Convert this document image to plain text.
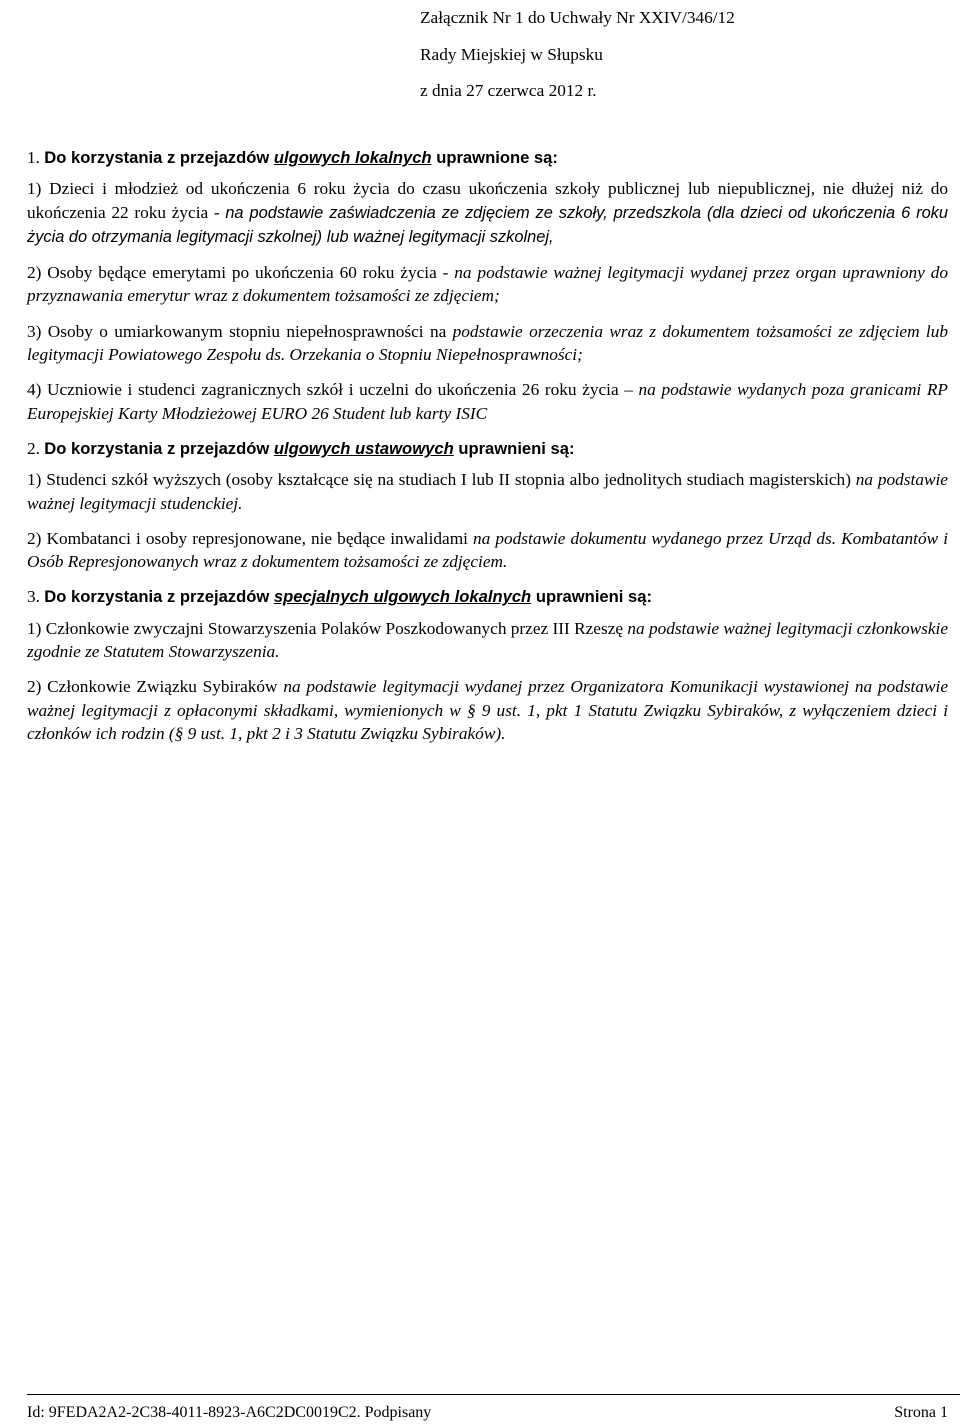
Załącznik Nr 1 do Uchwały Nr XXIV/346/12
Rady Miejskiej w Słupsku
z dnia 27 czerwca 2012 r.
1. Do korzystania z przejazdów ulgowych lokalnych uprawnione są:
1) Dzieci i młodzież od ukończenia 6 roku życia do czasu ukończenia szkoły publicznej lub niepublicznej, nie dłużej niż do ukończenia 22 roku życia - na podstawie zaświadczenia ze zdjęciem ze szkoły, przedszkola (dla dzieci od ukończenia 6 roku życia do otrzymania legitymacji szkolnej) lub ważnej legitymacji szkolnej,
2) Osoby będące emerytami po ukończenia 60 roku życia - na podstawie ważnej legitymacji wydanej przez organ uprawniony do przyznawania emerytur wraz z dokumentem tożsamości ze zdjęciem;
3) Osoby o umiarkowanym stopniu niepełnosprawności na podstawie orzeczenia wraz z dokumentem tożsamości ze zdjęciem lub legitymacji Powiatowego Zespołu ds. Orzekania o Stopniu Niepełnosprawności;
4) Uczniowie i studenci zagranicznych szkół i uczelni do ukończenia 26 roku życia – na podstawie wydanych poza granicami RP Europejskiej Karty Młodzieżowej EURO 26 Student lub karty ISIC
2. Do korzystania z przejazdów ulgowych ustawowych uprawnieni są:
1) Studenci szkół wyższych (osoby kształcące się na studiach I lub II stopnia albo jednolitych studiach magisterskich) na podstawie ważnej legitymacji studenckiej.
2) Kombatanci i osoby represjonowane, nie będące inwalidami na podstawie dokumentu wydanego przez Urząd ds. Kombatantów i Osób Represjonowanych wraz z dokumentem tożsamości ze zdjęciem.
3. Do korzystania z przejazdów specjalnych ulgowych lokalnych uprawnieni są:
1) Członkowie zwyczajni Stowarzyszenia Polaków Poszkodowanych przez III Rzeszę na podstawie ważnej legitymacji członkowskie zgodnie ze Statutem Stowarzyszenia.
2) Członkowie Związku Sybiraków na podstawie legitymacji wydanej przez Organizatora Komunikacji wystawionej na podstawie ważnej legitymacji z opłaconymi składkami, wymienionych w § 9 ust. 1, pkt 1 Statutu Związku Sybiraków, z wyłączeniem dzieci i członków ich rodzin (§ 9 ust. 1, pkt 2 i 3 Statutu Związku Sybiraków).
Id: 9FEDA2A2-2C38-4011-8923-A6C2DC0019C2. Podpisany	Strona 1
